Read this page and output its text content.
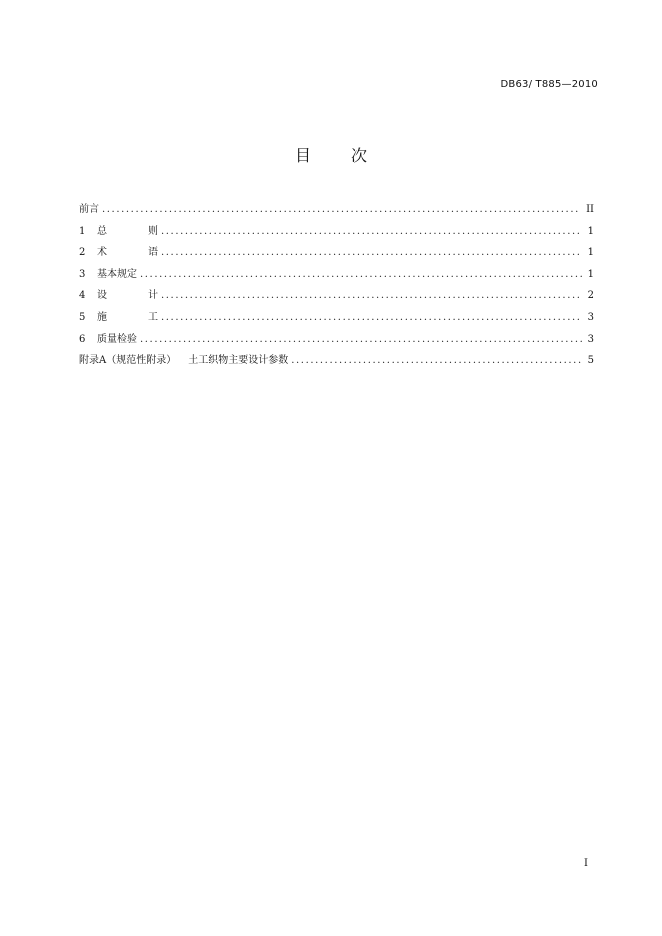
DB63/ T885—2010
目	次
前言 .....	II
1	总	则 .....	1
2	术	语 .....	1
3	基本规定 .....	1
4	设	计 .....	2
5	施	工 .....	3
6	质量检验 .....	3
附录A（规范性附录） 土工织物主要设计参数 .....	5
I
